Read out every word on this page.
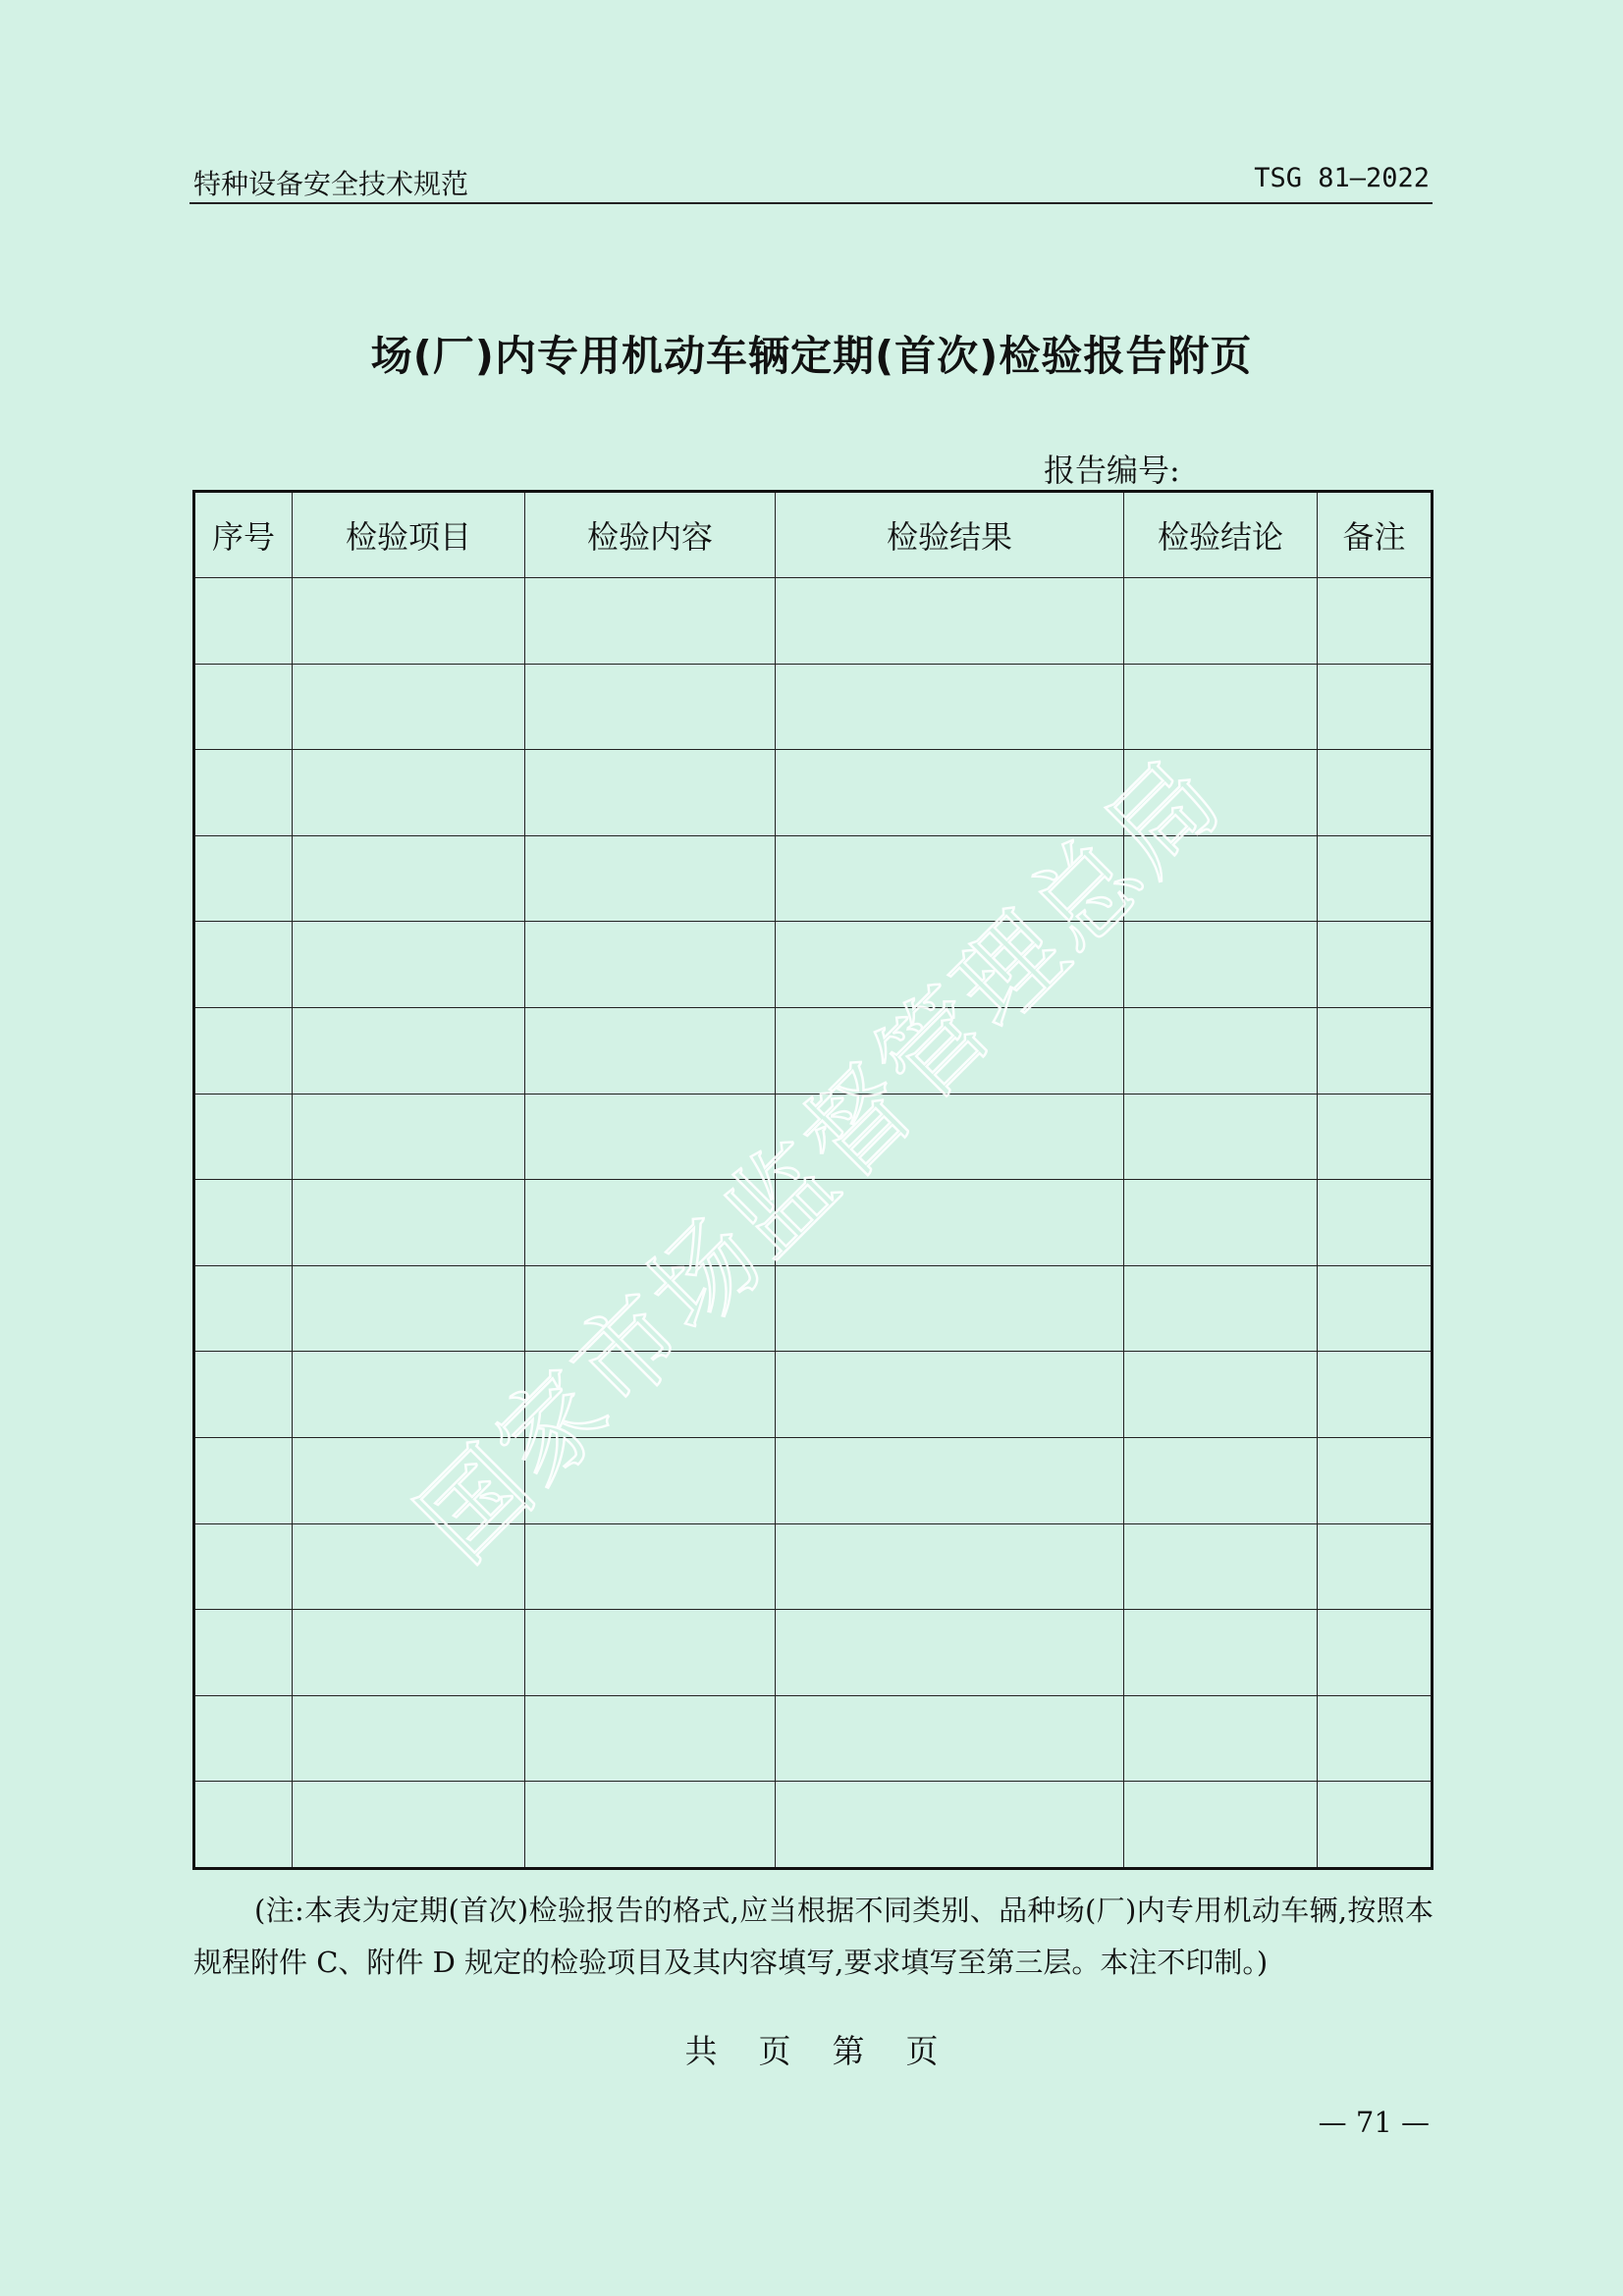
特种设备安全技术规范	TSG 81—2022
场(厂)内专用机动车辆定期(首次)检验报告附页
报告编号:
序号	检验项目	检验内容	检验结果	检验结论	备注

国家市场监督管理总局
(注:本表为定期(首次)检验报告的格式,应当根据不同类别、品种场(厂)内专用机动车辆,按照本规程附件 C、附件 D 规定的检验项目及其内容填写,要求填写至第三层。本注不印制。)
共 页 第 页
— 71 —
